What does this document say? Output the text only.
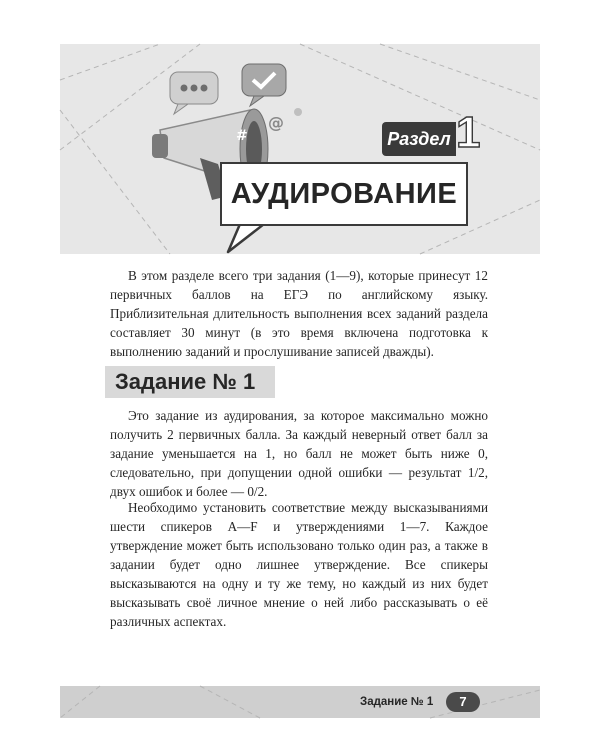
@
#	Раздел 1
АУДИРОВАНИЕ

В этом разделе всего три задания (1—9), которые принесут 12 первичных баллов на ЕГЭ по английскому языку. Приблизительная длительность выполнения всех заданий раздела составляет 30 минут (в это время включена подготовка к выполнению заданий и прослушивание записей дважды).

Задание № 1

Это задание из аудирования, за которое максимально можно получить 2 первичных балла. За каждый неверный ответ балл за задание уменьшается на 1, но балл не может быть ниже 0, следовательно, при допущении одной ошибки — результат 1/2, двух ошибок и более — 0/2.

Необходимо установить соответствие между высказываниями шести спикеров A—F и утверждениями 1—7. Каждое утверждение может быть использовано только один раз, а также в задании будет одно лишнее утверждение. Все спикеры высказываются на одну и ту же тему, но каждый из них будет высказывать своё личное мнение о ней либо рассказывать о её различных аспектах.

Задание № 1	7
